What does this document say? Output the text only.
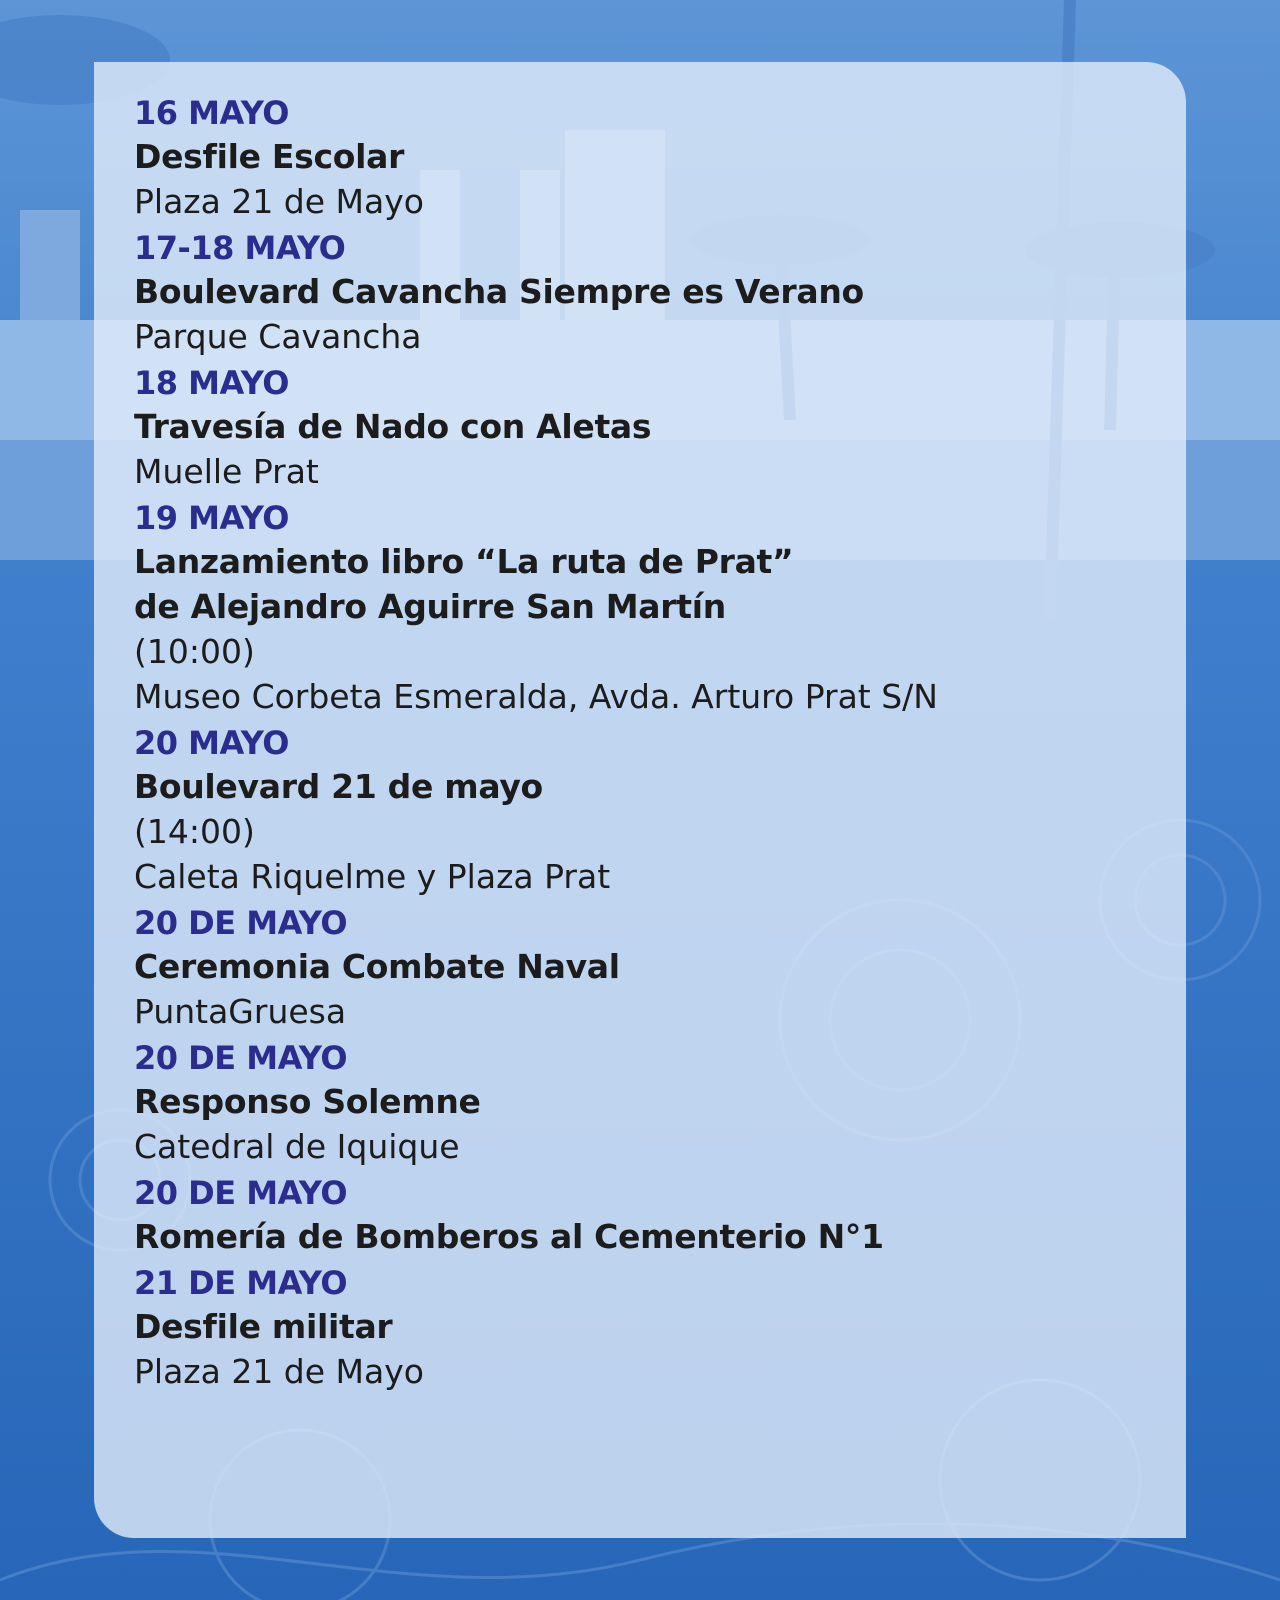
16 MAYO
Desfile Escolar
Plaza 21 de Mayo
17-18 MAYO
Boulevard Cavancha Siempre es Verano
Parque Cavancha
18 MAYO
Travesía de Nado con Aletas
Muelle Prat
19 MAYO
Lanzamiento libro “La ruta de Prat”
de Alejandro Aguirre San Martín
(10:00)
Museo Corbeta Esmeralda, Avda. Arturo Prat S/N
20 MAYO
Boulevard 21 de mayo
(14:00)
Caleta Riquelme y Plaza Prat
20 DE MAYO
Ceremonia Combate Naval
PuntaGruesa
20 DE MAYO
Responso Solemne
Catedral de Iquique
20 DE MAYO
Romería de Bomberos al Cementerio N°1
21 DE MAYO
Desfile militar
Plaza 21 de Mayo
